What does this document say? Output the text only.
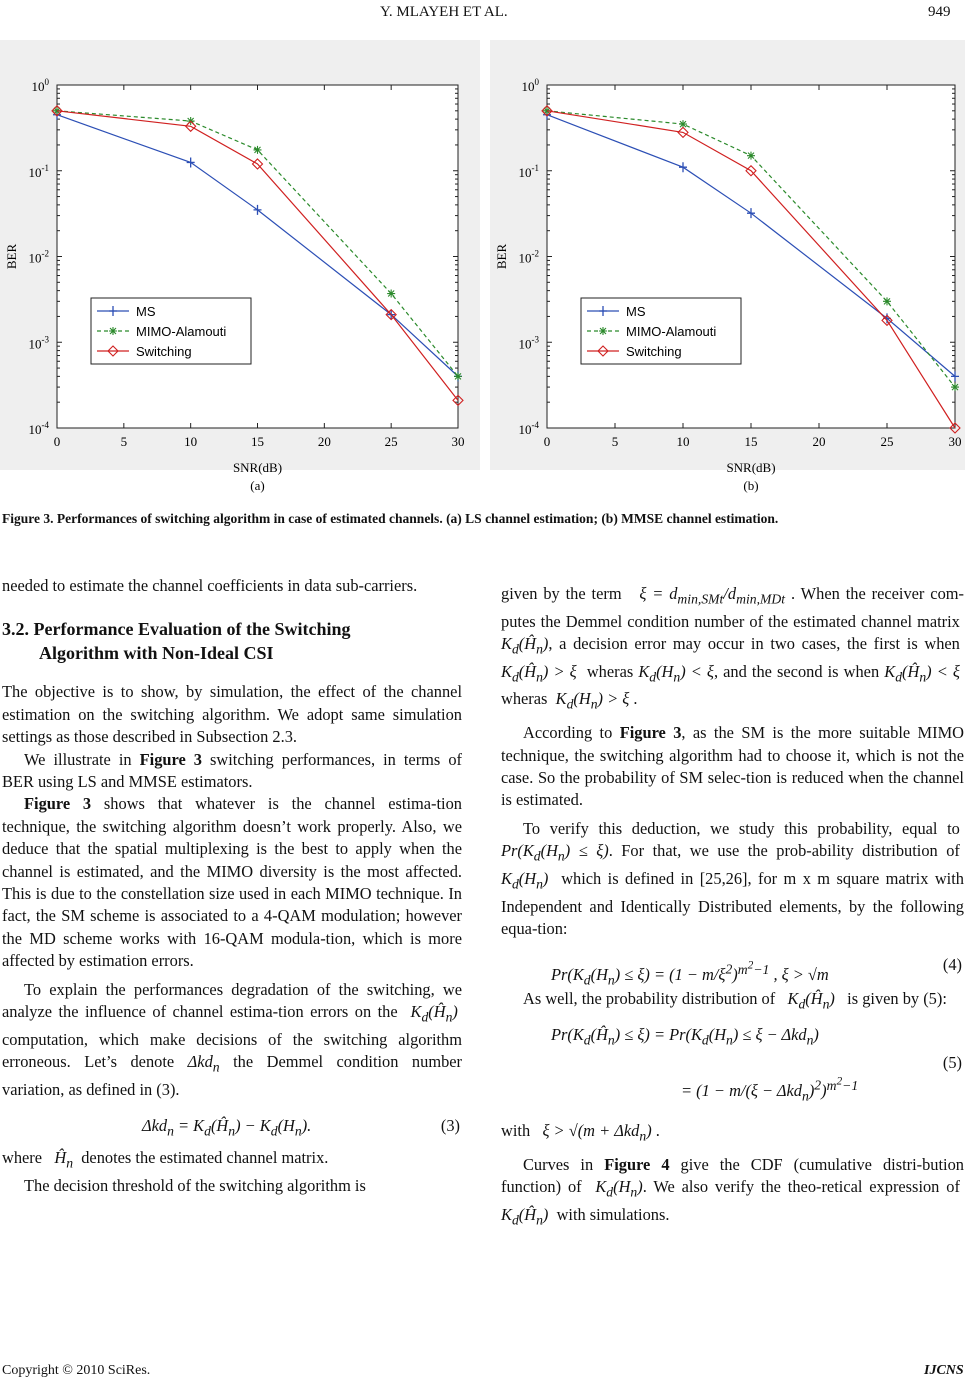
Y. MLAYEH ET AL.	949
$10^0$
$10^{-1}$
$10^{-2}$
$10^{-3}$
$10^{-4}$
0	5	10	15	20	25	30
SNR(dB)
BER
(a)
MS
MIMO-Alamouti
Switching
$10^0$
$10^{-1}$
$10^{-2}$
$10^{-3}$
$10^{-4}$
0	5	10	15	20	25	30
SNR(dB)
BER
(b)
MS
MIMO-Alamouti
Switching
Figure 3. Performances of switching algorithm in case of estimated channels. (a) LS channel estimation; (b) MMSE channel estimation.

needed to estimate the channel coefficients in data sub-carriers.

3.2. Performance Evaluation of the Switching
Algorithm with Non-Ideal CSI

The objective is to show, by simulation, the effect of the channel estimation on the switching algorithm. We adopt same simulation settings as those described in Subsection 2.3.

We illustrate in Figure 3 switching performances, in terms of BER using LS and MMSE estimators.

Figure 3 shows that whatever is the channel estima-tion technique, the switching algorithm doesn’t work properly. Also, we deduce that the spatial multiplexing is the best to apply when the channel is estimated, and the MIMO diversity is the most affected. This is due to the constellation size used in each MIMO technique. In fact, the SM scheme is associated to a 4-QAM modulation; however the MD scheme works with 16-QAM modula-tion, which is more affected by estimation errors.

To explain the performances degradation of the switching, we analyze the influence of channel estima-tion errors on the $K_d(Ĥ_n)$  computation, which make decisions of the switching algorithm erroneous. Let’s denote Δkd$_n$ the Demmel condition number variation, as defined in (3).

$\Delta kd_n = K_d(Ĥ_n) - K_d(H_n)$.	(3)

where $Ĥ_n$ denotes the estimated channel matrix.

The decision threshold of the switching algorithm is

given by the term $\xi = d_{min,SMt}/d_{min,MDt}$ . When the receiver com-putes the Demmel condition number of the estimated channel matrix  $K_d(Ĥ_n)$, a decision error may occur in two cases, the first is when  $K_d(Ĥ_n) > \xi$ wheras $K_d(H_n) < \xi$, and the second is when $K_d(Ĥ_n) < \xi$  wheras $K_d(H_n) > \xi$ .

According to Figure 3, as the SM is the more suitable MIMO technique, the switching algorithm had to choose it, which is not the case. So the probability of SM selec-tion is reduced when the channel is estimated.

To verify this deduction, we study this probability, equal to  $Pr(K_d(H_n) \le \xi)$. For that, we use the prob-ability distribution of  $K_d(H_n)$ which is defined in [25,26], for m x m square matrix with Independent and Identically Distributed elements, by the following equa-tion:

$Pr(K_d(H_n) \le \xi) = (1 - m/\xi^2)^{m^2-1}$ , ξ > √m
(4)

As well, the probability distribution of $K_d(Ĥ_n)$ is given by (5):

$Pr(K_d(Ĥ_n) \le \xi) = Pr(K_d(H_n) \le \xi - \Delta kd_n)$
= $(1 - m/(\xi - \Delta kd_n)^2)^{m^2-1}$
(5)

with ξ > √(m + Δkd$_n$) .

Curves in Figure 4 give the CDF (cumulative distri-bution function) of $K_d(H_n)$. We also verify the theo-retical expression of  $K_d(Ĥ_n)$ with simulations.

Copyright © 2010 SciRes.	IJCNS
